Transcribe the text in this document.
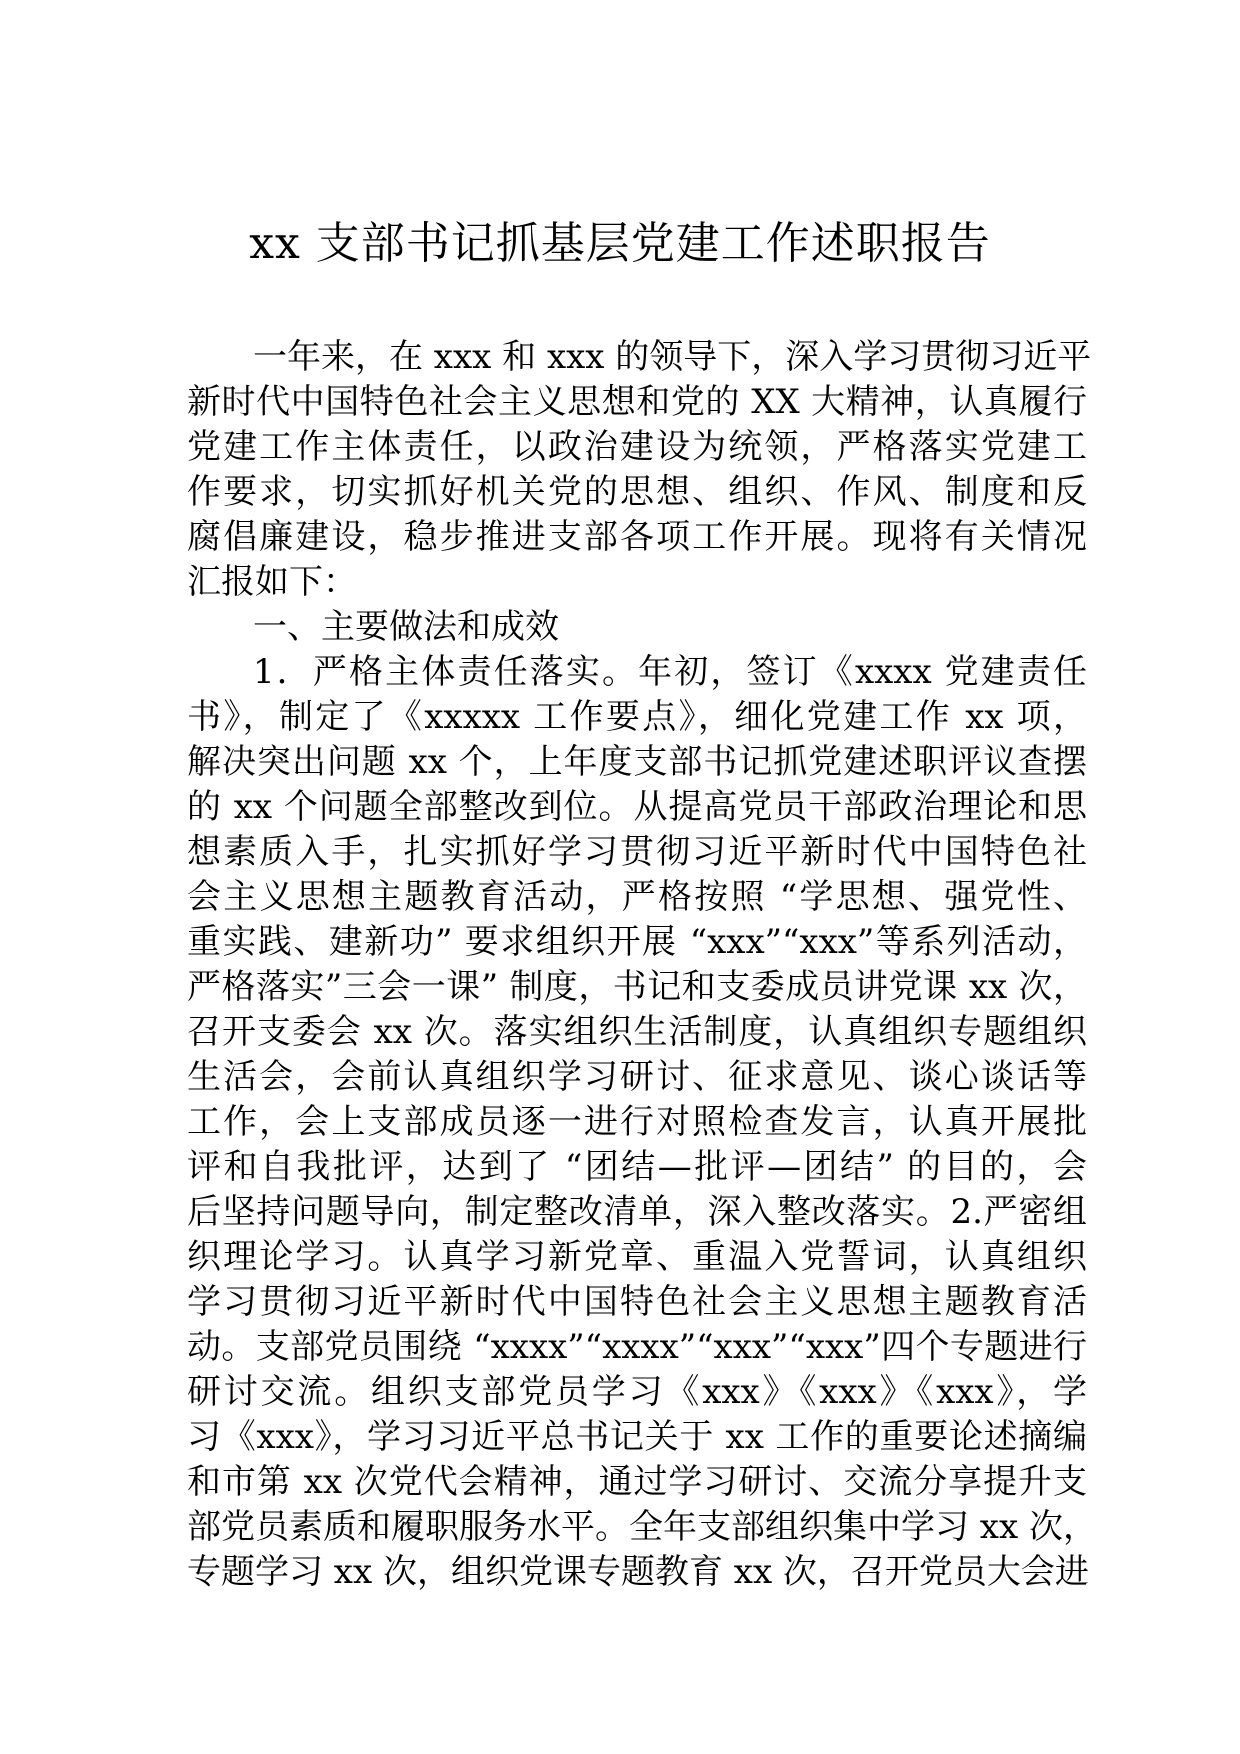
xx 支部书记抓基层党建工作述职报告
一年来，在 xxx 和 xxx 的领导下，深入学习贯彻习近平
新时代中国特色社会主义思想和党的 XX 大精神，认真履行
党建工作主体责任，以政治建设为统领，严格落实党建工
作要求，切实抓好机关党的思想、组织、作风、制度和反
腐倡廉建设，稳步推进支部各项工作开展。现将有关情况
汇报如下：
一、主要做法和成效
1．严格主体责任落实。年初，签订《xxxx 党建责任
书》，制定了《xxxxx 工作要点》，细化党建工作 xx 项，
解决突出问题 xx 个，上年度支部书记抓党建述职评议查摆
的 xx 个问题全部整改到位。从提高党员干部政治理论和思
想素质入手，扎实抓好学习贯彻习近平新时代中国特色社
会主义思想主题教育活动，严格按照 “学思想、强党性、
重实践、建新功” 要求组织开展 “xxx”“xxx”等系列活动，
严格落实”三会一课” 制度，书记和支委成员讲党课 xx 次，
召开支委会 xx 次。落实组织生活制度，认真组织专题组织
生活会，会前认真组织学习研讨、征求意见、谈心谈话等
工作，会上支部成员逐一进行对照检查发言，认真开展批
评和自我批评，达到了 “团结—批评—团结” 的目的，会
后坚持问题导向，制定整改清单，深入整改落实。2.严密组
织理论学习。认真学习新党章、重温入党誓词，认真组织
学习贯彻习近平新时代中国特色社会主义思想主题教育活
动。支部党员围绕 “xxxx”“xxxx”“xxx”“xxx”四个专题进行
研讨交流。组织支部党员学习《xxx》《xxx》《xxx》，学
习《xxx》，学习习近平总书记关于 xx 工作的重要论述摘编
和市第 xx 次党代会精神，通过学习研讨、交流分享提升支
部党员素质和履职服务水平。全年支部组织集中学习 xx 次，
专题学习 xx 次，组织党课专题教育 xx 次，召开党员大会进
